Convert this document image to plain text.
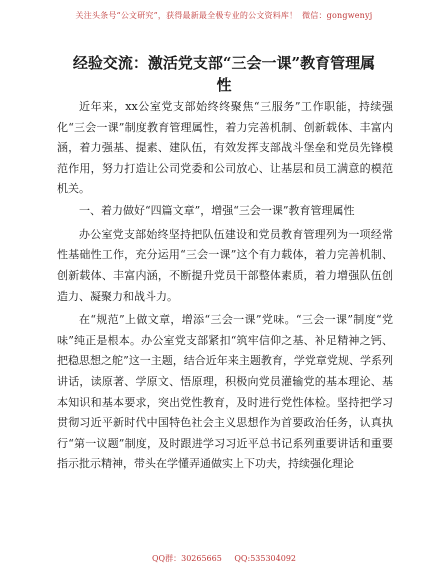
关注头条号“公文研究”，获得最新最全极专业的公文资料库！ 微信：gongwenyj
经验交流：激活党支部“三会一课”教育管理属性

近年来，xx公室党支部始终终聚焦“三服务”工作职能，持续强化“三会一课”制度教育管理属性，着力完善机制、创新载体、丰富内涵，着力强基、提素、建队伍，有效发挥支部战斗堡垒和党员先锋模范作用，努力打造让公司党委和公司放心、让基层和员工满意的模范机关。

一、着力做好“四篇文章”，增强“三会一课”教育管理属性

办公室党支部始终坚持把队伍建设和党员教育管理列为一项经常性基础性工作，充分运用“三会一课”这个有力载体，着力完善机制、创新载体、丰富内涵，不断提升党员干部整体素质，着力增强队伍创造力、凝聚力和战斗力。

在“规范”上做文章，增添“三会一课”党味。“三会一课”制度“党味”纯正是根本。办公室党支部紧扣“筑牢信仰之基、补足精神之钙、把稳思想之舵”这一主题，结合近年来主题教育，学党章党规、学系列讲话，读原著、学原文、悟原理，积极向党员灌输党的基本理论、基本知识和基本要求，突出党性教育，及时进行党性体检。坚持把学习贯彻习近平新时代中国特色社会主义思想作为首要政治任务，认真执行“第一议题”制度，及时跟进学习习近平总书记系列重要讲话和重要指示批示精神，带头在学懂弄通做实上下功夫，持续强化理论

QQ群：30265665 QQ:535304092
